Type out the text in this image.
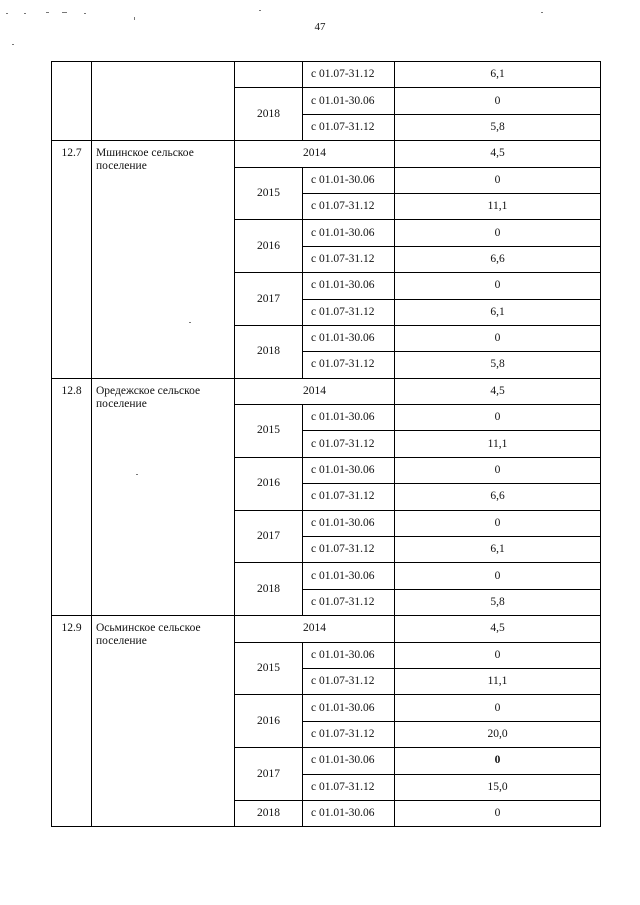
47
			с 01.07-31.12	6,1
		2018	с 01.01-30.06	0
			с 01.07-31.12	5,8
12.7	Мшинское сельское поселение	2014		4,5
		2015	с 01.01-30.06	0
			с 01.07-31.12	11,1
		2016	с 01.01-30.06	0
			с 01.07-31.12	6,6
		2017	с 01.01-30.06	0
			с 01.07-31.12	6,1
		2018	с 01.01-30.06	0
			с 01.07-31.12	5,8
12.8	Оредежское сельское поселение	2014		4,5
		2015	с 01.01-30.06	0
			с 01.07-31.12	11,1
		2016	с 01.01-30.06	0
			с 01.07-31.12	6,6
		2017	с 01.01-30.06	0
			с 01.07-31.12	6,1
		2018	с 01.01-30.06	0
			с 01.07-31.12	5,8
12.9	Осьминское сельское поселение	2014		4,5
		2015	с 01.01-30.06	0
			с 01.07-31.12	11,1
		2016	с 01.01-30.06	0
			с 01.07-31.12	20,0
		2017	с 01.01-30.06	0
			с 01.07-31.12	15,0
		2018	с 01.01-30.06	0
